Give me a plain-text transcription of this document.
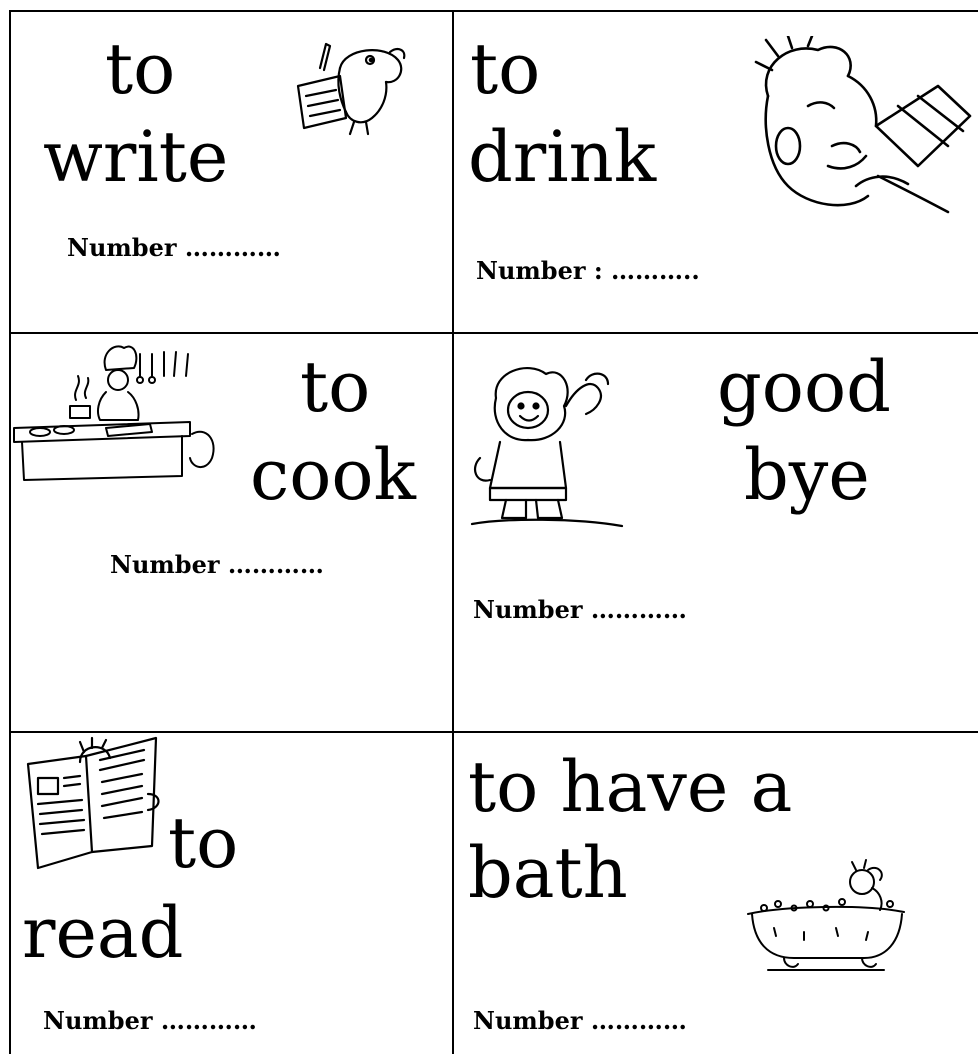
to
write
Number …………
to
drink
Number : ………..
to
cook
Number …………
good
bye
Number …………
to
read
Number …………
to have a
bath
Number …………
